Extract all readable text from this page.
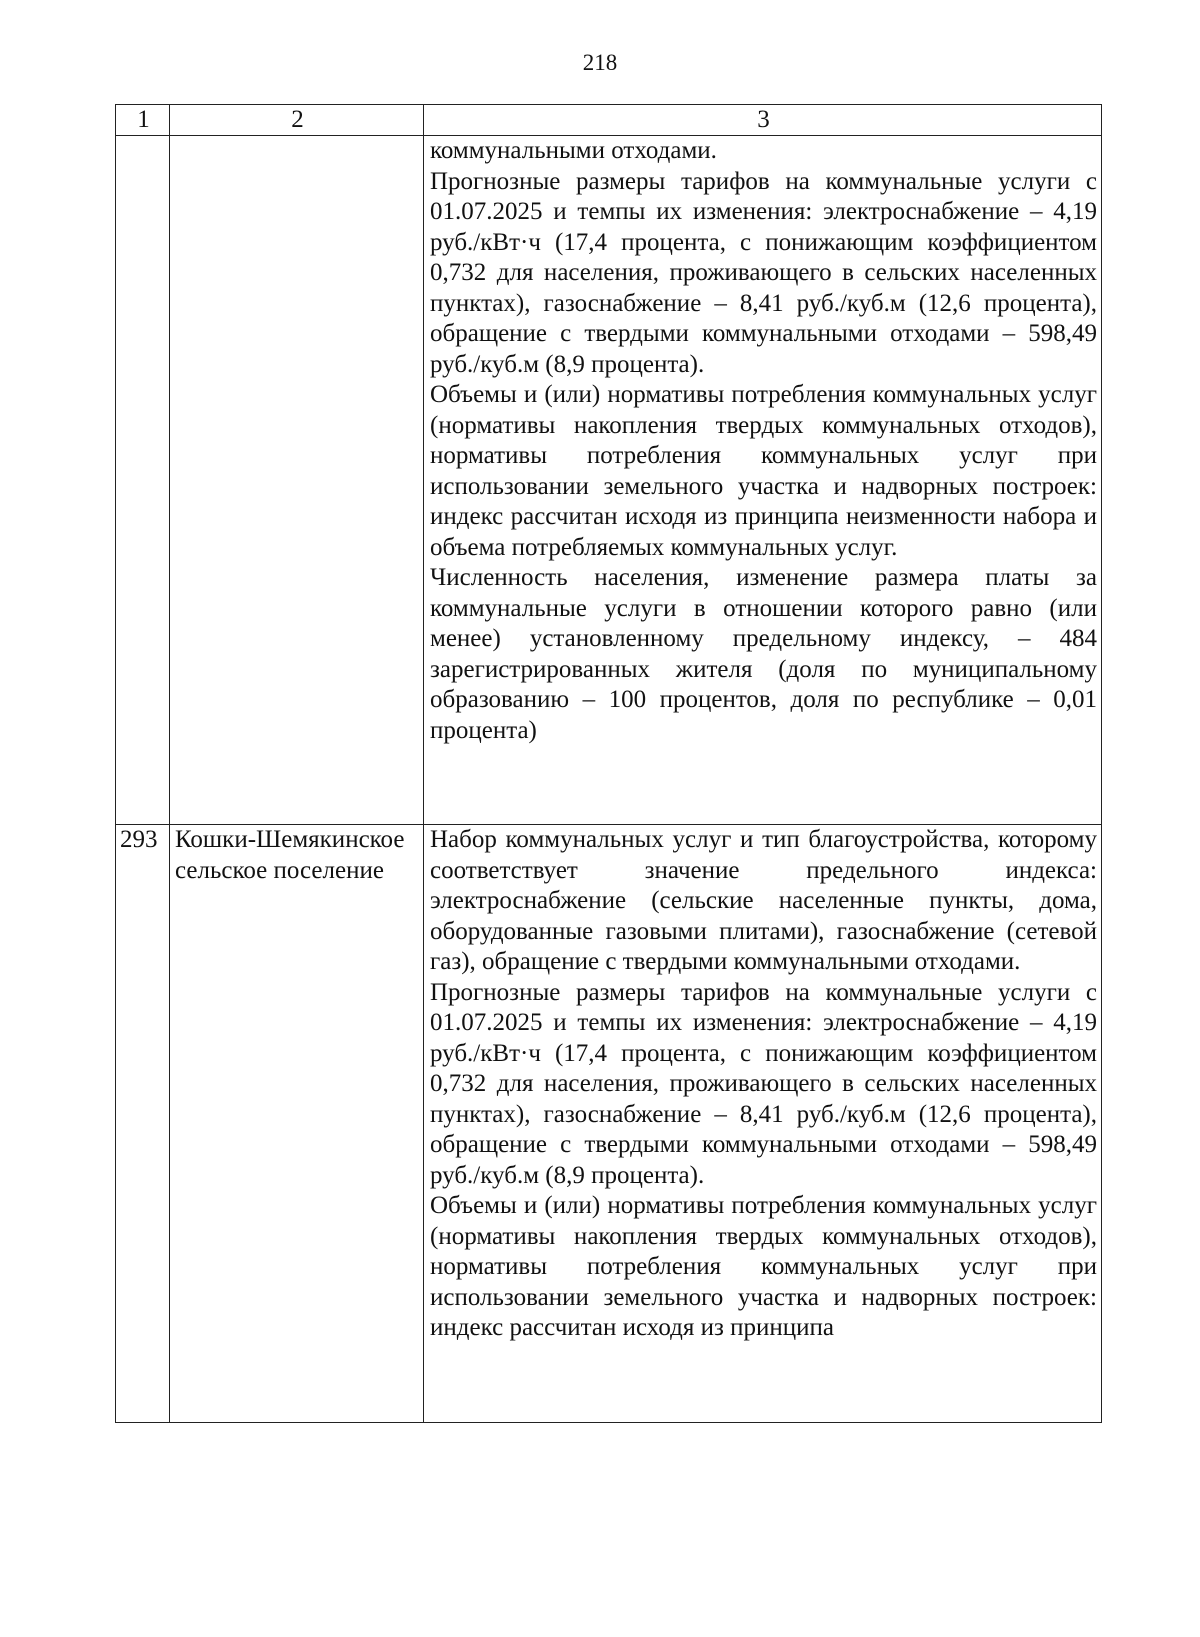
218
1	2	3

		коммунальными отходами.

Прогнозные размеры тарифов на коммунальные услуги с 01.07.2025 и темпы их изменения: электроснабжение – 4,19 руб./кВт·ч (17,4 процента, с понижающим коэффициентом 0,732 для населения, проживающего в сельских населенных пунктах), газоснабжение – 8,41 руб./куб.м (12,6 процента), обращение с твердыми коммунальными отходами – 598,49 руб./куб.м (8,9 процента).

Объемы и (или) нормативы потребления коммунальных услуг (нормативы накопления твердых коммунальных отходов), нормативы потребления коммунальных услуг при использовании земельного участка и надворных построек: индекс рассчитан исходя из принципа неизменности набора и объема потребляемых коммунальных услуг.

Численность населения, изменение размера платы за коммунальные услуги в отношении которого равно (или менее) установленному предельному индексу, – 484 зарегистрированных жителя (доля по муниципальному образованию – 100 процентов, доля по республике – 0,01 процента)

293	Кошки-Шемякинское сельское поселение	Набор коммунальных услуг и тип благоустройства, которому соответствует значение предельного индекса: электроснабжение (сельские населенные пункты, дома, оборудованные газовыми плитами), газоснабжение (сетевой газ), обращение с твердыми коммунальными отходами.

Прогнозные размеры тарифов на коммунальные услуги с 01.07.2025 и темпы их изменения: электроснабжение – 4,19 руб./кВт·ч (17,4 процента, с понижающим коэффициентом 0,732 для населения, проживающего в сельских населенных пунктах), газоснабжение – 8,41 руб./куб.м (12,6 процента), обращение с твердыми коммунальными отходами – 598,49 руб./куб.м (8,9 процента).

Объемы и (или) нормативы потребления коммунальных услуг (нормативы накопления твердых коммунальных отходов), нормативы потребления коммунальных услуг при использовании земельного участка и надворных построек: индекс рассчитан исходя из принципа
